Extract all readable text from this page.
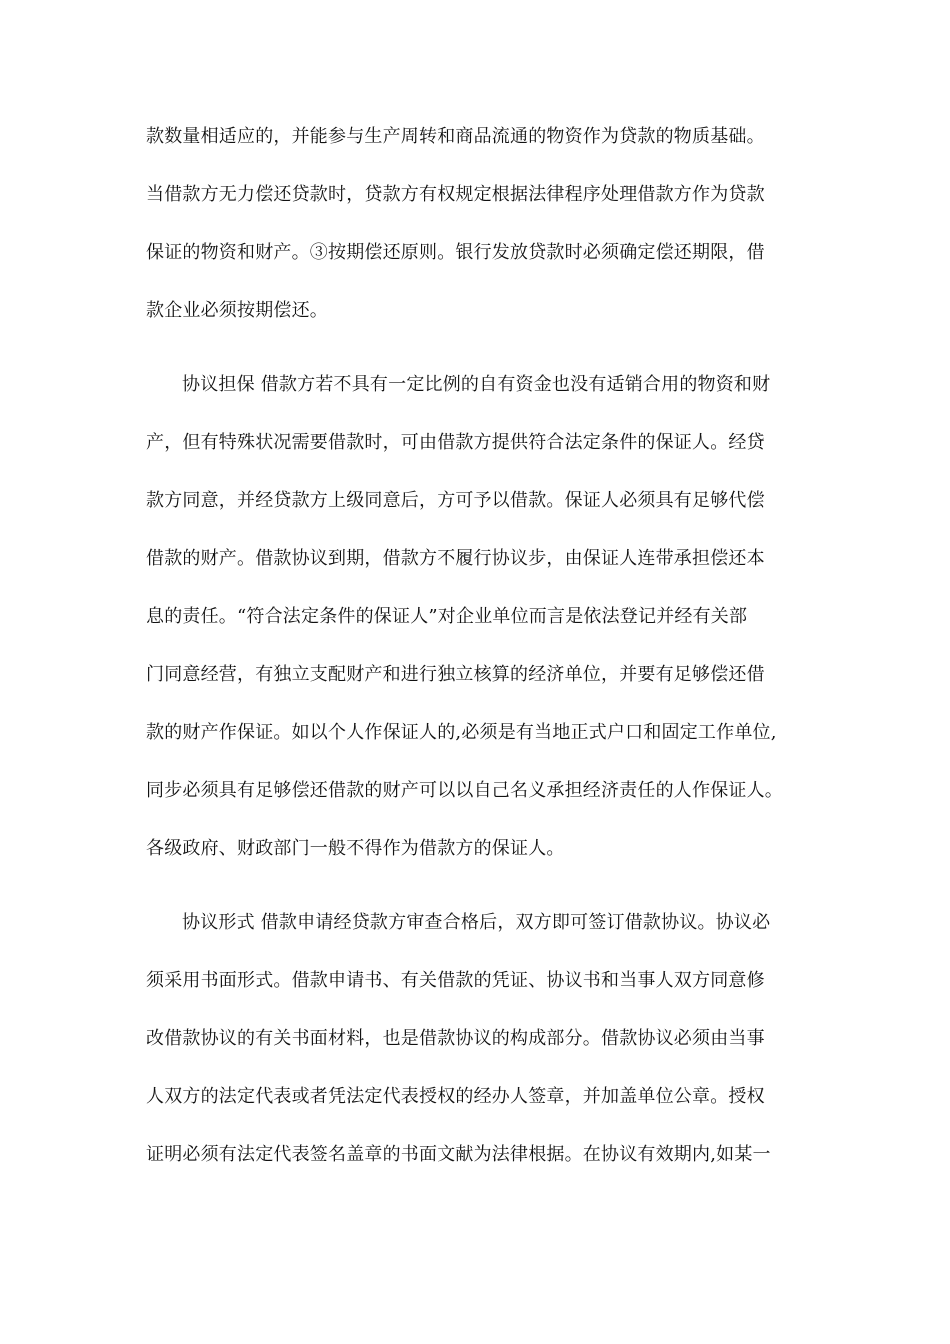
款数量相适应的，并能参与生产周转和商品流通的物资作为贷款的物质基础。
当借款方无力偿还贷款时，贷款方有权规定根据法律程序处理借款方作为贷款
保证的物资和财产。③按期偿还原则。银行发放贷款时必须确定偿还期限，借
款企业必须按期偿还。
协议担保 借款方若不具有一定比例的自有资金也没有适销合用的物资和财
产，但有特殊状况需要借款时，可由借款方提供符合法定条件的保证人。经贷
款方同意，并经贷款方上级同意后，方可予以借款。保证人必须具有足够代偿
借款的财产。借款协议到期，借款方不履行协议步，由保证人连带承担偿还本
息的责任。“符合法定条件的保证人”对企业单位而言是依法登记并经有关部
门同意经营，有独立支配财产和进行独立核算的经济单位，并要有足够偿还借
款的财产作保证。如以个人作保证人的,必须是有当地正式户口和固定工作单位,
同步必须具有足够偿还借款的财产可以以自己名义承担经济责任的人作保证人。
各级政府、财政部门一般不得作为借款方的保证人。
协议形式 借款申请经贷款方审查合格后，双方即可签订借款协议。协议必
须采用书面形式。借款申请书、有关借款的凭证、协议书和当事人双方同意修
改借款协议的有关书面材料，也是借款协议的构成部分。借款协议必须由当事
人双方的法定代表或者凭法定代表授权的经办人签章，并加盖单位公章。授权
证明必须有法定代表签名盖章的书面文献为法律根据。在协议有效期内,如某一
